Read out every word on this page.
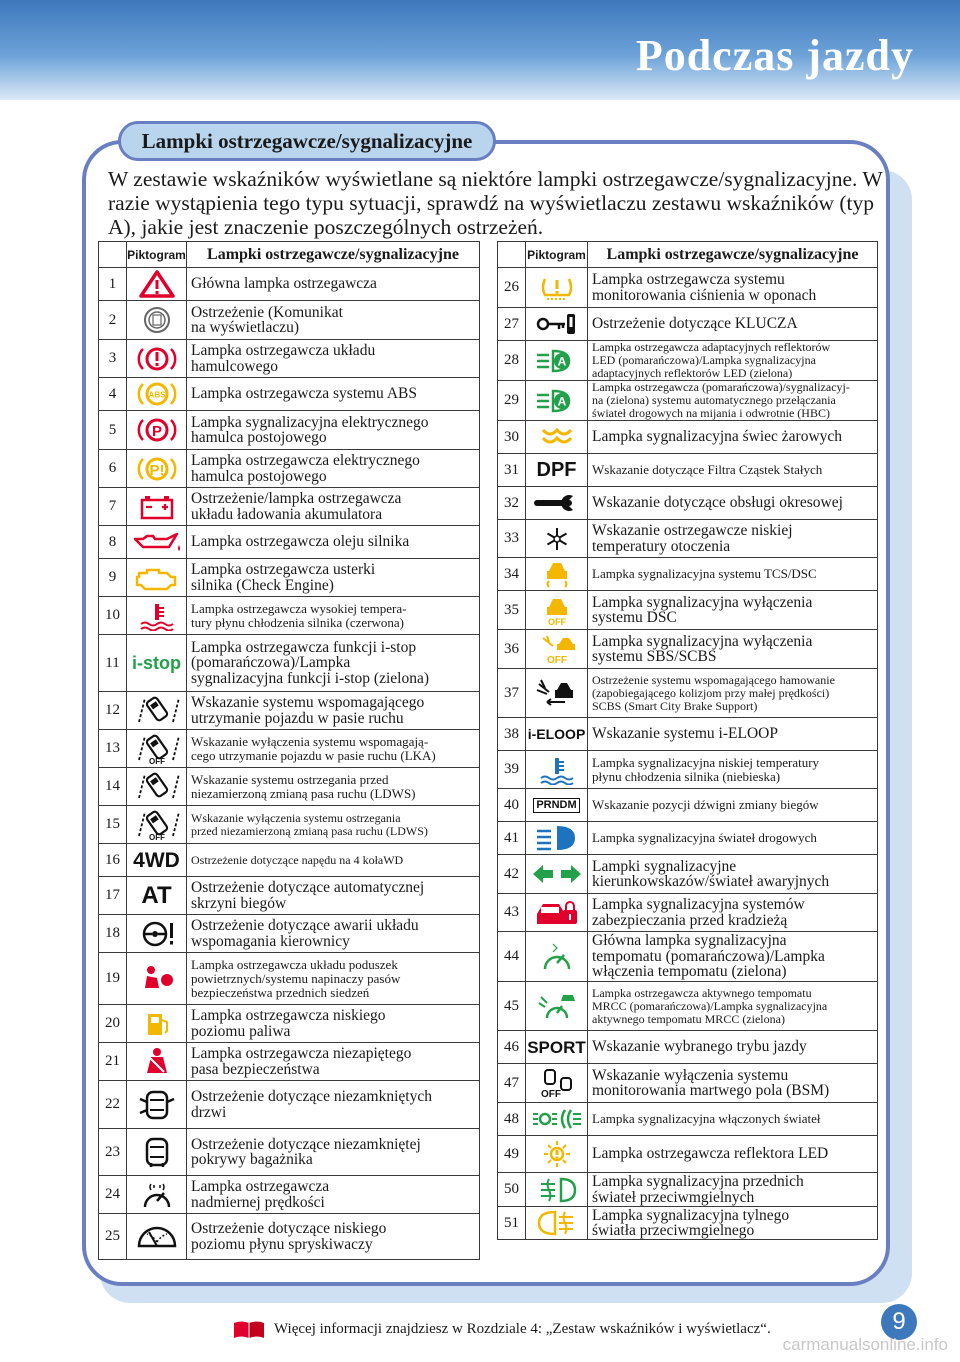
Podczas jazdy
Lampki ostrzegawcze/sygnalizacyjne
W zestawie wskaźników wyświetlane są niektóre lampki ostrzegawcze/sygnalizacyjne. W razie wystąpienia tego typu sytuacji, sprawdź na wyświetlaczu zestawu wskaźników (typ A), jakie jest znaczenie poszczególnych ostrzeżeń.
	Piktogram	Lampki ostrzegawcze/sygnalizacyjne
1		Główna lampka ostrzegawcza
2		Ostrzeżenie (Komunikat
na wyświetlaczu)
3		Lampka ostrzegawcza układu
hamulcowego
4	ABS	Lampka ostrzegawcza systemu ABS
5	P	Lampka sygnalizacyjna elektrycznego
hamulca postojowego
6	P!	Lampka ostrzegawcza elektrycznego
hamulca postojowego
7		Ostrzeżenie/lampka ostrzegawcza
układu ładowania akumulatora
8		Lampka ostrzegawcza oleju silnika
9		Lampka ostrzegawcza usterki
silnika (Check Engine)
10		Lampka ostrzegawcza wysokiej tempera-
tury płynu chłodzenia silnika (czerwona)
11	i-stop	Lampka ostrzegawcza funkcji i-stop
(pomarańczowa)/Lampka
sygnalizacyjna funkcji i-stop (zielona)
12		Wskazanie systemu wspomagającego
utrzymanie pojazdu w pasie ruchu
13	OFF	Wskazanie wyłączenia systemu wspomagają-
cego utrzymanie pojazdu w pasie ruchu (LKA)
14		Wskazanie systemu ostrzegania przed
niezamierzoną zmianą pasa ruchu (LDWS)
15	OFF	Wskazanie wyłączenia systemu ostrzegania
przed niezamierzoną zmianą pasa ruchu (LDWS)
16	4WD	Ostrzeżenie dotyczące napędu na 4 kołaWD
17	AT	Ostrzeżenie dotyczące automatycznej
skrzyni biegów
18		Ostrzeżenie dotyczące awarii układu
wspomagania kierownicy
19		Lampka ostrzegawcza układu poduszek
powietrznych/systemu napinaczy pasów
bezpieczeństwa przednich siedzeń
20		Lampka ostrzegawcza niskiego
poziomu paliwa
21		Lampka ostrzegawcza niezapiętego
pasa bezpieczeństwa
22		Ostrzeżenie dotyczące niezamkniętych
drzwi
23		Ostrzeżenie dotyczące niezamkniętej
pokrywy bagażnika
24		Lampka ostrzegawcza
nadmiernej prędkości
25		Ostrzeżenie dotyczące niskiego
poziomu płynu spryskiwaczy
	Piktogram	Lampki ostrzegawcze/sygnalizacyjne
26		Lampka ostrzegawcza systemu
monitorowania ciśnienia w oponach
27		Ostrzeżenie dotyczące KLUCZA
28	A	Lampka ostrzegawcza adaptacyjnych reflektorów
LED (pomarańczowa)/Lampka sygnalizacyjna
adaptacyjnych reflektorów LED (zielona)
29	A	Lampka ostrzegawcza (pomarańczowa)/sygnalizacyj-
na (zielona) systemu automatycznego przełączania
świateł drogowych na mijania i odwrotnie (HBC)
30		Lampka sygnalizacyjna świec żarowych
31	DPF	Wskazanie dotyczące Filtra Cząstek Stałych
32		Wskazanie dotyczące obsługi okresowej
33		Wskazanie ostrzegawcze niskiej
temperatury otoczenia
34		Lampka sygnalizacyjna systemu TCS/DSC
35	OFF	Lampka sygnalizacyjna wyłączenia
systemu DSC
36	OFF	Lampka sygnalizacyjna wyłączenia
systemu SBS/SCBS
37		Ostrzeżenie systemu wspomagającego hamowanie
(zapobiegającego kolizjom przy małej prędkości)
SCBS (Smart City Brake Support)
38	i-ELOOP	Wskazanie systemu i-ELOOP
39		Lampka sygnalizacyjna niskiej temperatury
płynu chłodzenia silnika (niebieska)
40	PRNDM	Wskazanie pozycji dźwigni zmiany biegów
41		Lampka sygnalizacyjna świateł drogowych
42		Lampki sygnalizacyjne
kierunkowskazów/świateł awaryjnych
43		Lampka sygnalizacyjna systemów
zabezpieczania przed kradzieżą
44		Główna lampka sygnalizacyjna
tempomatu (pomarańczowa)/Lampka
włączenia tempomatu (zielona)
45		Lampka ostrzegawcza aktywnego tempomatu
MRCC (pomarańczowa)/Lampka sygnalizacyjna
aktywnego tempomatu MRCC (zielona)
46	SPORT	Wskazanie wybranego trybu jazdy
47	OFF	Wskazanie wyłączenia systemu
monitorowania martwego pola (BSM)
48		Lampka sygnalizacyjna włączonych świateł
49		Lampka ostrzegawcza reflektora LED
50		Lampka sygnalizacyjna przednich
świateł przeciwmgielnych
51		Lampka sygnalizacyjna tylnego
światła przeciwmgielnego
Więcej informacji znajdziesz w Rozdziale 4: „Zestaw wskaźników i wyświetlacz“.	9
carmanualsonline.info
